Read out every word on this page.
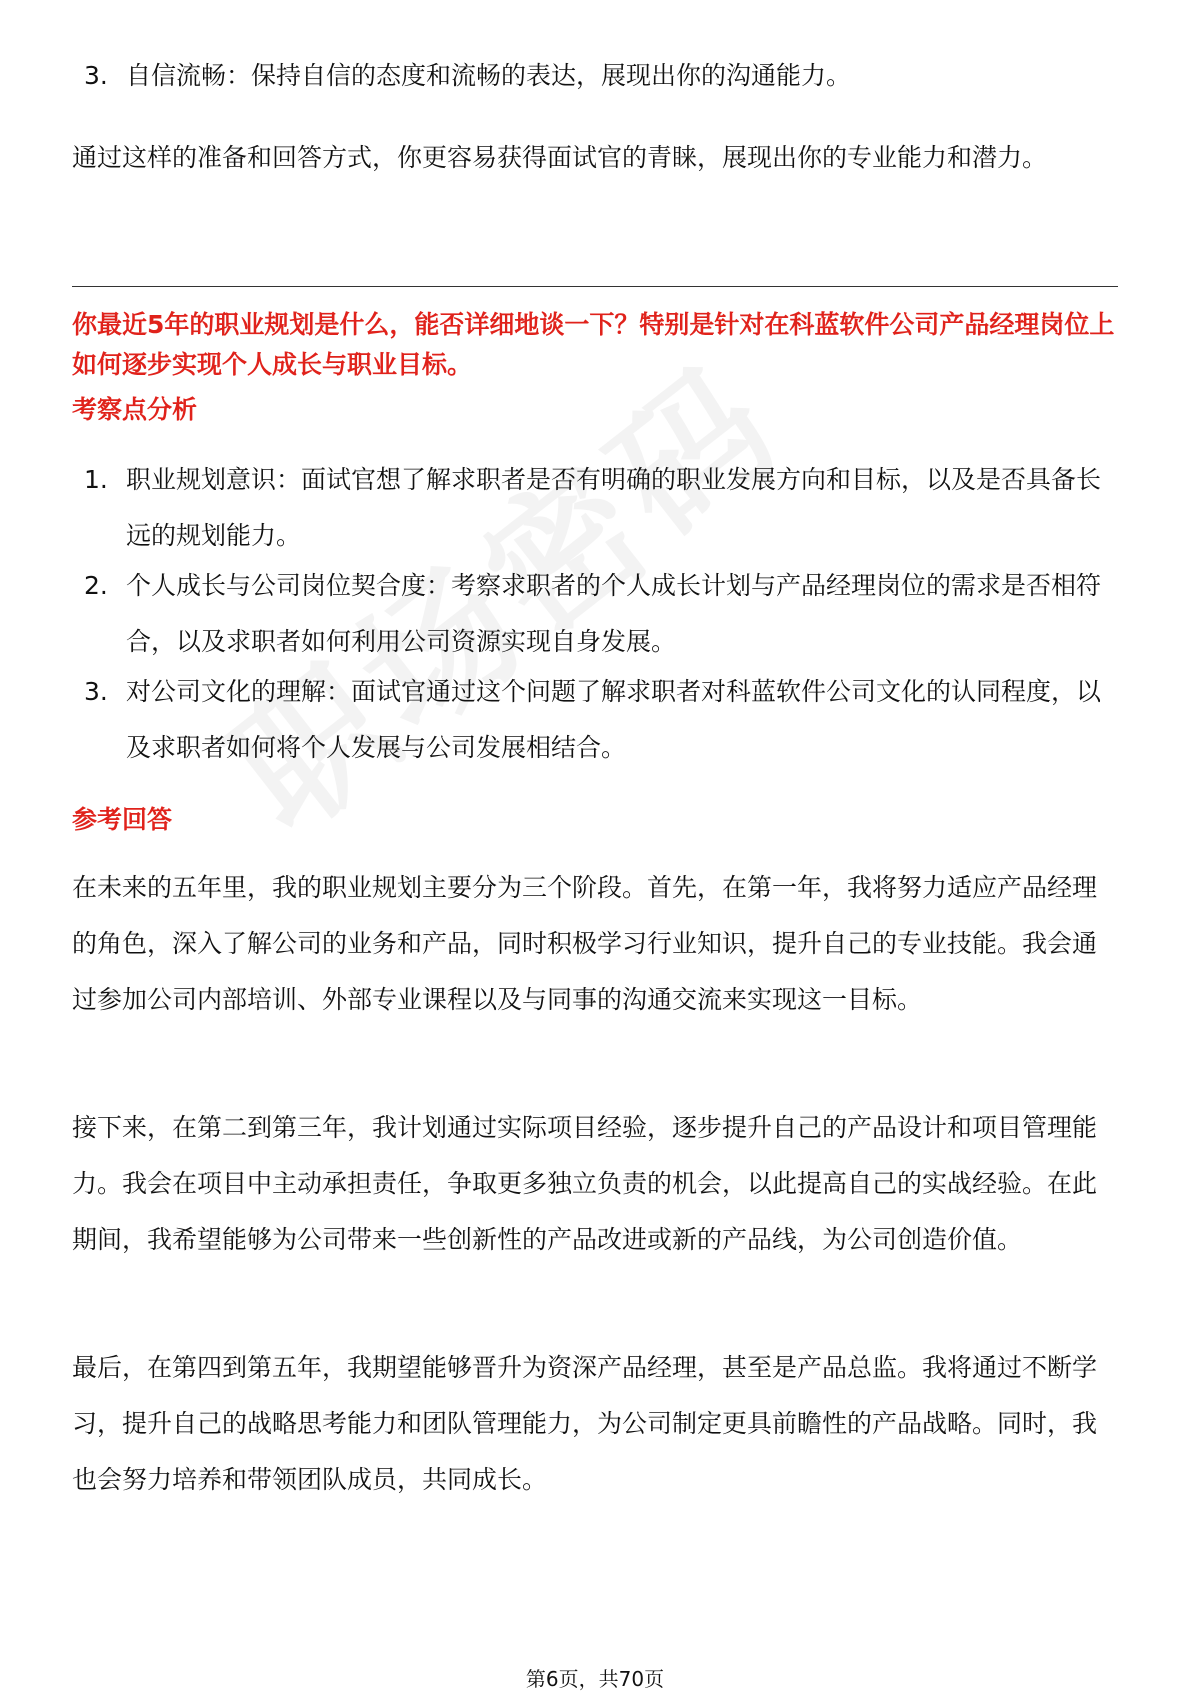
3. 自信流畅：保持自信的态度和流畅的表达，展现出你的沟通能力。

通过这样的准备和回答方式，你更容易获得面试官的青睐，展现出你的专业能力和潜力。

你最近5年的职业规划是什么，能否详细地谈一下？特别是针对在科蓝软件公司产品经理岗位上如何逐步实现个人成长与职业目标。

考察点分析

1. 职业规划意识：面试官想了解求职者是否有明确的职业发展方向和目标，以及是否具备长远的规划能力。
2. 个人成长与公司岗位契合度：考察求职者的个人成长计划与产品经理岗位的需求是否相符合，以及求职者如何利用公司资源实现自身发展。
3. 对公司文化的理解：面试官通过这个问题了解求职者对科蓝软件公司文化的认同程度，以及求职者如何将个人发展与公司发展相结合。

参考回答

在未来的五年里，我的职业规划主要分为三个阶段。首先，在第一年，我将努力适应产品经理的角色，深入了解公司的业务和产品，同时积极学习行业知识，提升自己的专业技能。我会通过参加公司内部培训、外部专业课程以及与同事的沟通交流来实现这一目标。

接下来，在第二到第三年，我计划通过实际项目经验，逐步提升自己的产品设计和项目管理能力。我会在项目中主动承担责任，争取更多独立负责的机会，以此提高自己的实战经验。在此期间，我希望能够为公司带来一些创新性的产品改进或新的产品线，为公司创造价值。

最后，在第四到第五年，我期望能够晋升为资深产品经理，甚至是产品总监。我将通过不断学习，提升自己的战略思考能力和团队管理能力，为公司制定更具前瞻性的产品战略。同时，我也会努力培养和带领团队成员，共同成长。

第6页，共70页
